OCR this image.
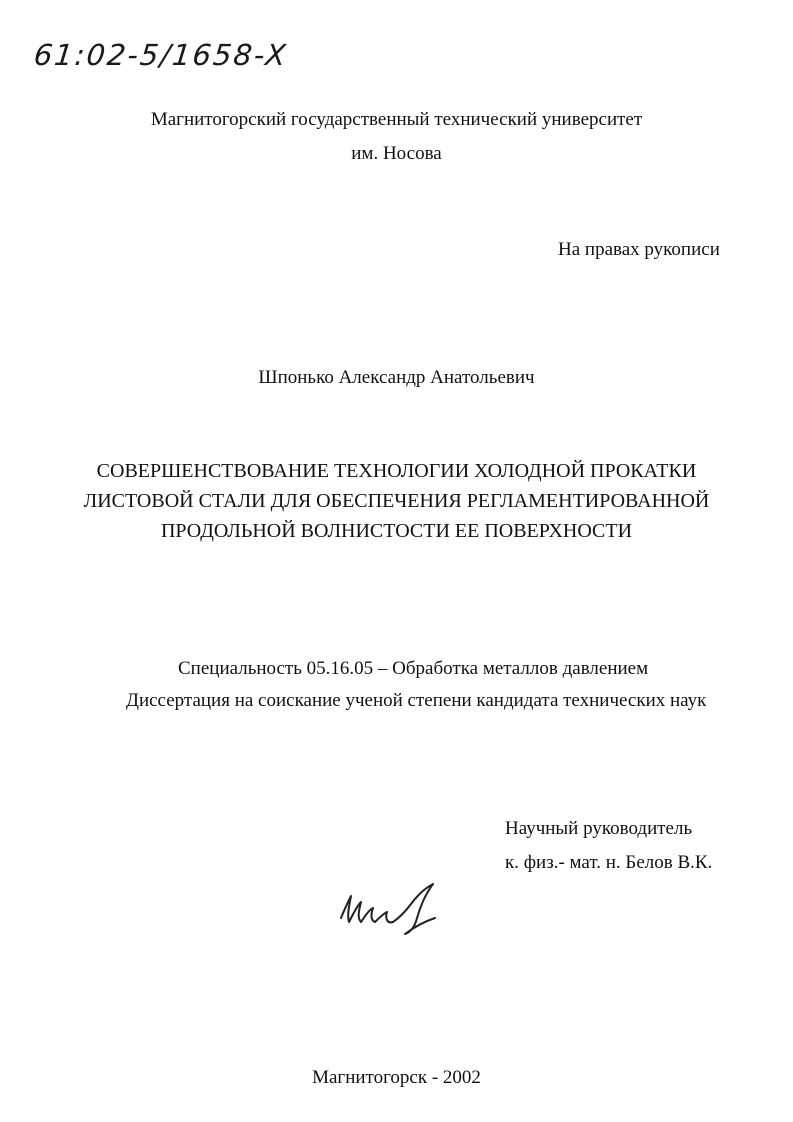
61:02-5/1658-X
Магнитогорский государственный технический университет
им. Носова
На правах рукописи
Шпонько Александр Анатольевич
СОВЕРШЕНСТВОВАНИЕ ТЕХНОЛОГИИ ХОЛОДНОЙ ПРОКАТКИ
ЛИСТОВОЙ СТАЛИ ДЛЯ ОБЕСПЕЧЕНИЯ РЕГЛАМЕНТИРОВАННОЙ
ПРОДОЛЬНОЙ ВОЛНИСТОСТИ ЕЕ ПОВЕРХНОСТИ
Специальность 05.16.05 – Обработка металлов давлением
Диссертация на соискание ученой степени кандидата технических наук
Научный руководитель
к. физ.- мат. н. Белов В.К.
Магнитогорск - 2002
